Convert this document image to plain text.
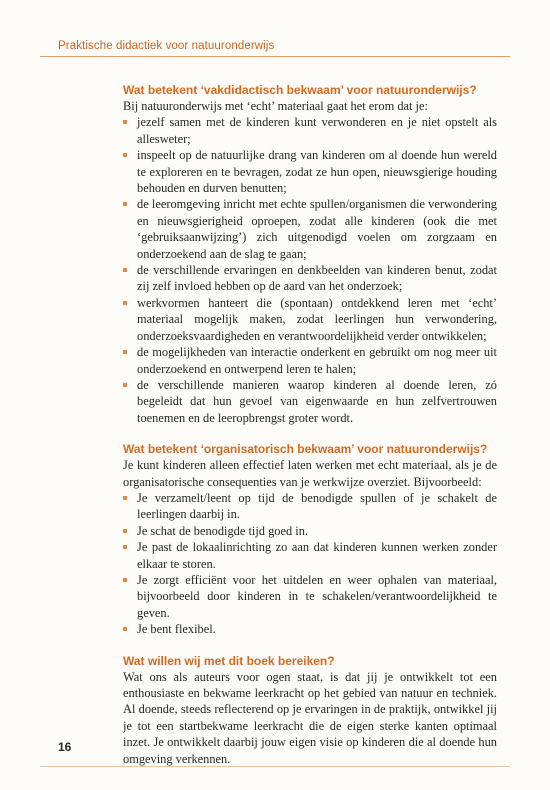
Praktische didactiek voor natuuronderwijs
Wat betekent ‘vakdidactisch bekwaam’ voor natuuronderwijs?

Bij natuuronderwijs met ‘echt’ materiaal gaat het erom dat je:

jezelf samen met de kinderen kunt verwonderen en je niet opstelt als allesweter;
inspeelt op de natuurlijke drang van kinderen om al doende hun wereld te exploreren en te bevragen, zodat ze hun open, nieuwsgierige houding behouden en durven benutten;
de leeromgeving inricht met echte spullen/organismen die verwondering en nieuwsgierigheid oproepen, zodat alle kinderen (ook die met ‘gebruiksaanwijzing’) zich uitgenodigd voelen om zorgzaam en onderzoekend aan de slag te gaan;
de verschillende ervaringen en denkbeelden van kinderen benut, zodat zij zelf invloed hebben op de aard van het onderzoek;
werkvormen hanteert die (spontaan) ontdekkend leren met ‘echt’ materiaal mogelijk maken, zodat leerlingen hun verwondering, onderzoeksvaardigheden en verantwoordelijkheid verder ontwikkelen;
de mogelijkheden van interactie onderkent en gebruikt om nog meer uit onderzoekend en ontwerpend leren te halen;
de verschillende manieren waarop kinderen al doende leren, zó begeleidt dat hun gevoel van eigenwaarde en hun zelfvertrouwen toenemen en de leeropbrengst groter wordt.
Wat betekent ‘organisatorisch bekwaam’ voor natuuronderwijs?

Je kunt kinderen alleen effectief laten werken met echt materiaal, als je de organisatorische consequenties van je werkwijze overziet. Bijvoorbeeld:

Je verzamelt/leent op tijd de benodigde spullen of je schakelt de leerlingen daarbij in.
Je schat de benodigde tijd goed in.
Je past de lokaalinrichting zo aan dat kinderen kunnen werken zonder elkaar te storen.
Je zorgt efficiënt voor het uitdelen en weer ophalen van materiaal, bijvoorbeeld door kinderen in te schakelen/verantwoordelijkheid te geven.
Je bent flexibel.
Wat willen wij met dit boek bereiken?

Wat ons als auteurs voor ogen staat, is dat jij je ontwikkelt tot een enthousiaste en bekwame leerkracht op het gebied van natuur en techniek. Al doende, steeds reflecterend op je ervaringen in de praktijk, ontwikkel jij je tot een startbekwame leerkracht die de eigen sterke kanten optimaal inzet. Je ontwikkelt daarbij jouw eigen visie op kinderen die al doende hun omgeving verkennen.

16
